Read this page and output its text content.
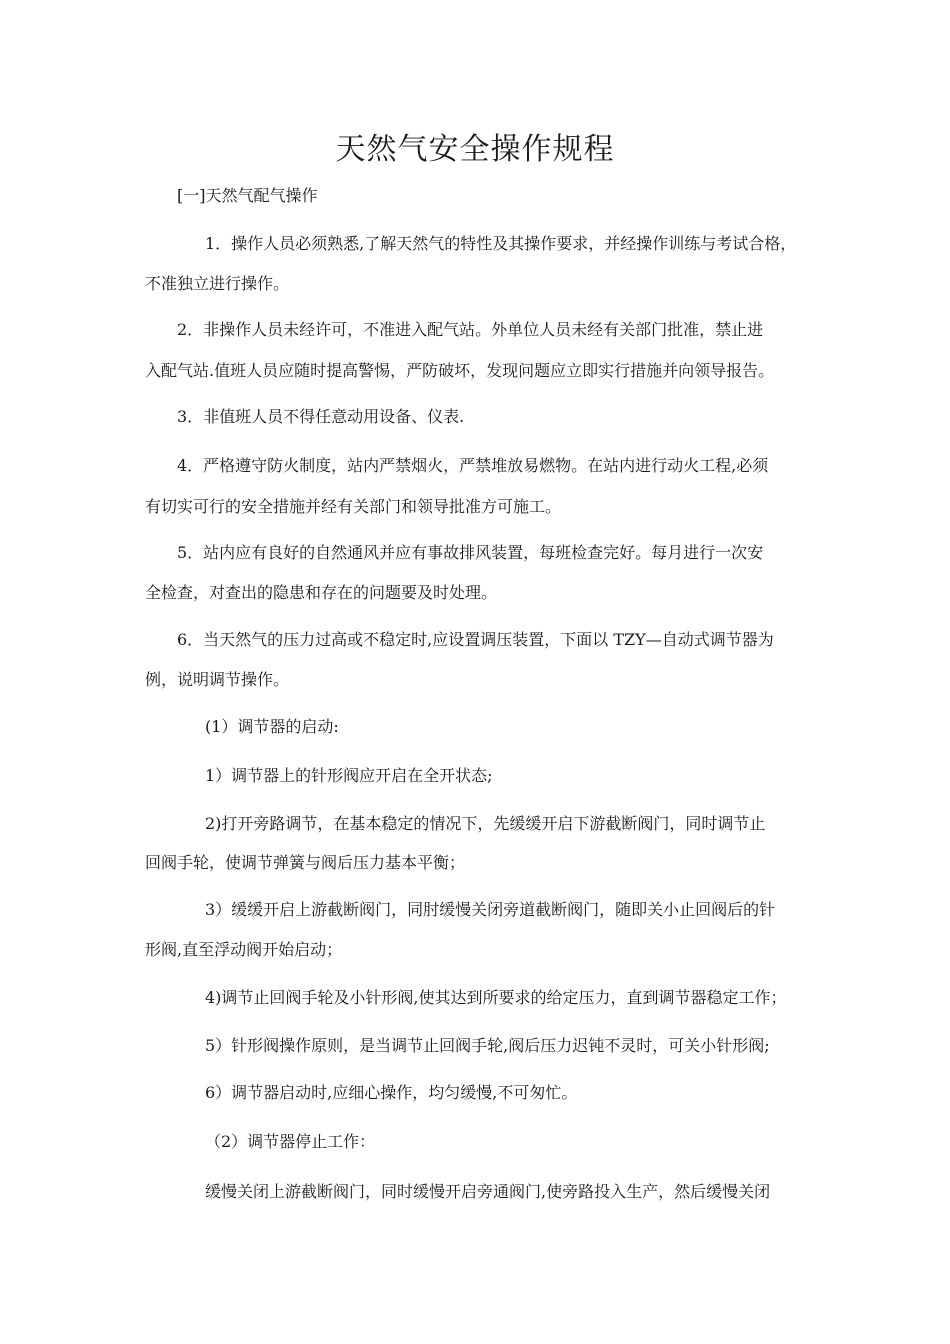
天然气安全操作规程
[一]天然气配气操作
1．操作人员必须熟悉,了解天然气的特性及其操作要求，并经操作训练与考试合格，
不准独立进行操作。
2．非操作人员未经许可，不准进入配气站。外单位人员未经有关部门批准，禁止进
入配气站.值班人员应随时提高警惕，严防破坏，发现问题应立即实行措施并向领导报告。
3．非值班人员不得任意动用设备、仪表.
4．严格遵守防火制度，站内严禁烟火，严禁堆放易燃物。在站内进行动火工程,必须
有切实可行的安全措施并经有关部门和领导批准方可施工。
5．站内应有良好的自然通风并应有事故排风装置，每班检查完好。每月进行一次安
全检查，对查出的隐患和存在的问题要及时处理。
6．当天然气的压力过高或不稳定时,应设置调压装置，下面以 TZY—自动式调节器为
例，说明调节操作。
(1）调节器的启动:
1）调节器上的针形阀应开启在全开状态;
2)打开旁路调节，在基本稳定的情况下，先缓缓开启下游截断阀门，同时调节止
回阀手轮，使调节弹簧与阀后压力基本平衡；
3）缓缓开启上游截断阀门，同肘缓慢关闭旁道截断阀门，随即关小止回阀后的针
形阀,直至浮动阀开始启动；
4)调节止回阀手轮及小针形阀,使其达到所要求的给定压力，直到调节器稳定工作；
5）针形阀操作原则，是当调节止回阀手轮,阀后压力迟钝不灵时，可关小针形阀;
6）调节器启动时,应细心操作，均匀缓慢,不可匆忙。
（2）调节器停止工作：
缓慢关闭上游截断阀门，同时缓慢开启旁通阀门,使旁路投入生产，然后缓慢关闭
